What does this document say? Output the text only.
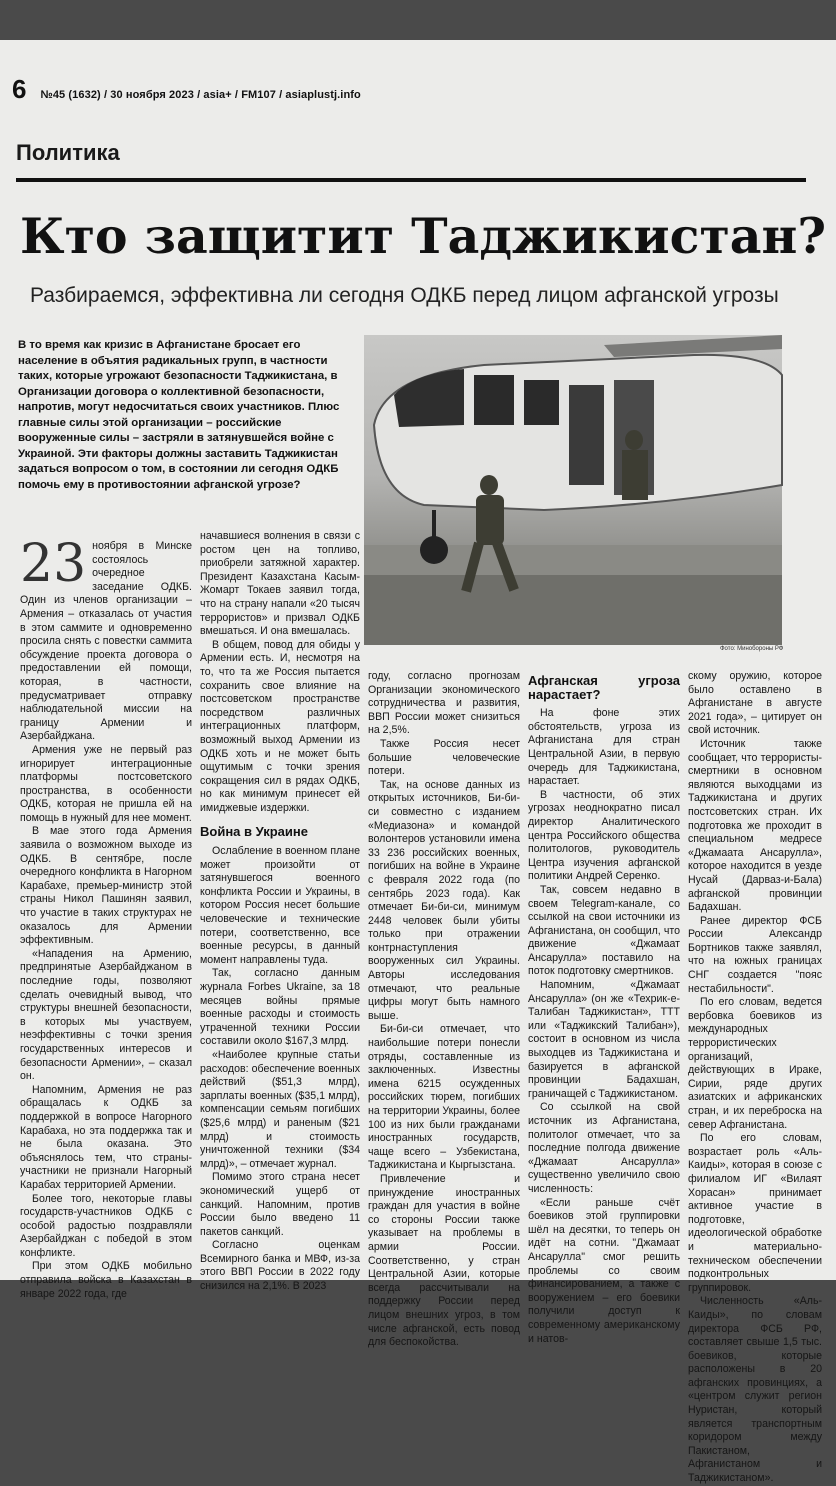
6 №45 (1632) / 30 ноября 2023 / asia+ / FM107 / asiaplustj.info
Политика
Кто защитит Таджикистан?
Разбираемся, эффективна ли сегодня ОДКБ перед лицом афганской угрозы
В то время как кризис в Афганистане бросает его население в объятия радикальных групп, в частности таких, которые угрожают безопасности Таджикистана, в Организации договора о коллективной безопасности, напротив, могут недосчитаться своих участников. Плюс главные силы этой организации – российские вооруженные силы – застряли в затянувшейся войне с Украиной. Эти факторы должны заставить Таджикистан задаться вопросом о том, в состоянии ли сегодня ОДКБ помочь ему в противостоянии афганской угрозе?
Фото: Минобороны РФ
23 ноября в Минске состоялось очередное заседание ОДКБ. Один из членов организации – Армения – отказалась от участия в этом саммите и одновременно просила снять с повестки саммита обсуждение проекта договора о предоставлении ей помощи, которая, в частности, предусматривает отправку наблюдательной миссии на границу Армении и Азербайджана.

Армения уже не первый раз игнорирует интеграционные платформы постсоветского пространства, в особенности ОДКБ, которая не пришла ей на помощь в нужный для нее момент.

В мае этого года Армения заявила о возможном выходе из ОДКБ. В сентябре, после очередного конфликта в Нагорном Карабахе, премьер-министр этой страны Никол Пашинян заявил, что участие в таких структурах не оказалось для Армении эффективным.

«Нападения на Армению, предпринятые Азербайджаном в последние годы, позволяют сделать очевидный вывод, что структуры внешней безопасности, в которых мы участвуем, неэффективны с точки зрения государственных интересов и безопасности Армении», – сказал он.

Напомним, Армения не раз обращалась к ОДКБ за поддержкой в вопросе Нагорного Карабаха, но эта поддержка так и не была оказана. Это объяснялось тем, что страны-участники не признали Нагорный Карабах территорией Армении.

Более того, некоторые главы государств-участников ОДКБ с особой радостью поздравляли Азербайджан с победой в этом конфликте.

При этом ОДКБ мобильно отправила войска в Казахстан в январе 2022 года, где

начавшиеся волнения в связи с ростом цен на топливо, приобрели затяжной характер. Президент Казахстана Касым-Жомарт Токаев заявил тогда, что на страну напали «20 тысяч террористов» и призвал ОДКБ вмешаться. И она вмешалась.

В общем, повод для обиды у Армении есть. И, несмотря на то, что та же Россия пытается сохранить свое влияние на постсоветском пространстве посредством различных интеграционных платформ, возможный выход Армении из ОДКБ хоть и не может быть ощутимым с точки зрения сокращения сил в рядах ОДКБ, но как минимум принесет ей имиджевые издержки.

Война в Украине

Ослабление в военном плане может произойти от затянувшегося военного конфликта России и Украины, в котором Россия несет большие человеческие и технические потери, соответственно, все военные ресурсы, в данный момент направлены туда.

Так, согласно данным журнала Forbes Ukraine, за 18 месяцев войны прямые военные расходы и стоимость утраченной техники России составили около $167,3 млрд.

«Наиболее крупные статьи расходов: обеспечение военных действий ($51,3 млрд), зарплаты военных ($35,1 млрд), компенсации семьям погибших ($25,6 млрд) и раненым ($21 млрд) и стоимость уничтоженной техники ($34 млрд)», – отмечает журнал.

Помимо этого страна несет экономический ущерб от санкций. Напомним, против России было введено 11 пакетов санкций.

Согласно оценкам Всемирного банка и МВФ, из-за этого ВВП России в 2022 году снизился на 2,1%. В 2023

году, согласно прогнозам Организации экономического сотрудничества и развития, ВВП России может снизиться на 2,5%.

Также Россия несет большие человеческие потери.

Так, на основе данных из открытых источников, Би-би-си совместно с изданием «Медиазона» и командой волонтеров установили имена 33 236 российских военных, погибших на войне в Украине с февраля 2022 года (по сентябрь 2023 года). Как отмечает Би-би-си, минимум 2448 человек были убиты только при отражении контрнаступления вооруженных сил Украины. Авторы исследования отмечают, что реальные цифры могут быть намного выше.

Би-би-си отмечает, что наибольшие потери понесли отряды, составленные из заключенных. Известны имена 6215 осужденных российских тюрем, погибших на территории Украины, более 100 из них были гражданами иностранных государств, чаще всего – Узбекистана, Таджикистана и Кыргызстана.

Привлечение и принуждение иностранных граждан для участия в войне со стороны России также указывает на проблемы в армии России. Соответственно, у стран Центральной Азии, которые всегда рассчитывали на поддержку России перед лицом внешних угроз, в том числе афганской, есть повод для беспокойства.

Афганская угроза нарастает?

На фоне этих обстоятельств, угроза из Афганистана для стран Центральной Азии, в первую очередь для Таджикистана, нарастает.

В частности, об этих угрозах неоднократно писал директор Аналитического центра Российского общества политологов, руководитель Центра изучения афганской политики Андрей Серенко.

Так, совсем недавно в своем Telegram-канале, со ссылкой на свои источники из Афганистана, он сообщил, что движение «Джамаат Ансарулла» поставило на поток подготовку смертников.

Напомним, «Джамаат Ансарулла» (он же «Техрик-е-Талибан Таджикистан», ТТТ или «Таджикский Талибан»), состоит в основном из числа выходцев из Таджикистана и базируется в афганской провинции Бадахшан, граничащей с Таджикистаном.

Со ссылкой на свой источник из Афганистана, политолог отмечает, что за последние полгода движение «Джамаат Ансарулла» существенно увеличило свою численность:

«Если раньше счёт боевиков этой группировки шёл на десятки, то теперь он идёт на сотни. "Джамаат Ансарулла" смог решить проблемы со своим финансированием, а также с вооружением – его боевики получили доступ к современному американскому и натов-

скому оружию, которое было оставлено в Афганистане в августе 2021 года», – цитирует он свой источник.

Источник также сообщает, что террористы-смертники в основном являются выходцами из Таджикистана и других постсоветских стран. Их подготовка же проходит в специальном медресе «Джамаата Ансарулла», которое находится в уезде Нусай (Дарваз-и-Бала) афганской провинции Бадахшан.

Ранее директор ФСБ России Александр Бортников также заявлял, что на южных границах СНГ создается "пояс нестабильности".

По его словам, ведется вербовка боевиков из международных террористических организаций, действующих в Ираке, Сирии, ряде других азиатских и африканских стран, и их переброска на север Афганистана.

По его словам, возрастает роль «Аль-Каиды», которая в союзе с филиалом ИГ «Вилаят Хорасан» принимает активное участие в подготовке, идеологической обработке и материально-техническом обеспечении подконтрольных группировок.

Численность «Аль-Каиды», по словам директора ФСБ РФ, составляет свыше 1,5 тыс. боевиков, которые расположены в 20 афганских провинциях, а «центром служит регион Нуристан, который является транспортным коридором между Пакистаном, Афганистаном и Таджикистаном».
